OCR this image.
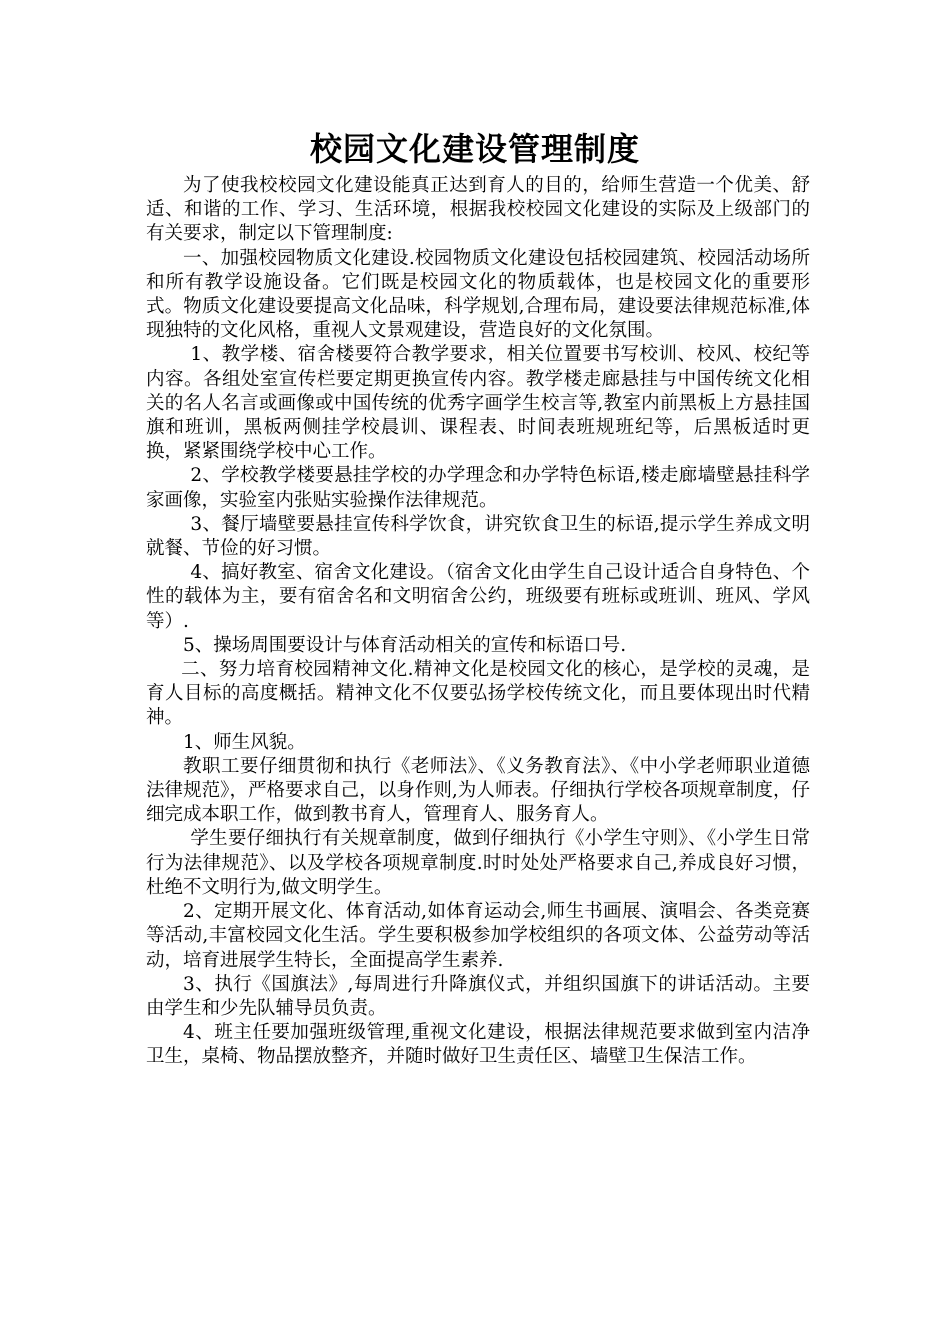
校园文化建设管理制度

为了使我校校园文化建设能真正达到育人的目的，给师生营造一个优美、舒适、和谐的工作、学习、生活环境，根据我校校园文化建设的实际及上级部门的有关要求，制定以下管理制度:

一、加强校园物质文化建设.校园物质文化建设包括校园建筑、校园活动场所和所有教学设施设备。它们既是校园文化的物质载体，也是校园文化的重要形式。物质文化建设要提高文化品味，科学规划,合理布局，建设要法律规范标准,体现独特的文化风格，重视人文景观建设，营造良好的文化氛围。

1、教学楼、宿舍楼要符合教学要求，相关位置要书写校训、校风、校纪等内容。各组处室宣传栏要定期更换宣传内容。教学楼走廊悬挂与中国传统文化相关的名人名言或画像或中国传统的优秀字画学生校言等,教室内前黑板上方悬挂国旗和班训，黑板两侧挂学校晨训、课程表、时间表班规班纪等，后黑板适时更换，紧紧围绕学校中心工作。

2、学校教学楼要悬挂学校的办学理念和办学特色标语,楼走廊墙壁悬挂科学家画像，实验室内张贴实验操作法律规范。

3、餐厅墙壁要悬挂宣传科学饮食，讲究钦食卫生的标语,提示学生养成文明就餐、节俭的好习惯。

4、搞好教室、宿舍文化建设。（宿舍文化由学生自己设计适合自身特色、个性的载体为主，要有宿舍名和文明宿舍公约，班级要有班标或班训、班风、学风等）.

5、操场周围要设计与体育活动相关的宣传和标语口号.

二、努力培育校园精神文化.精神文化是校园文化的核心，是学校的灵魂，是育人目标的高度概括。精神文化不仅要弘扬学校传统文化，而且要体现出时代精神。

1、师生风貌。

教职工要仔细贯彻和执行《老师法》、《义务教育法》、《中小学老师职业道德法律规范》，严格要求自己，以身作则,为人师表。仔细执行学校各项规章制度，仔细完成本职工作，做到教书育人，管理育人、服务育人。

学生要仔细执行有关规章制度，做到仔细执行《小学生守则》、《小学生日常行为法律规范》、以及学校各项规章制度.时时处处严格要求自己,养成良好习惯，杜绝不文明行为,做文明学生。

2、定期开展文化、体育活动,如体育运动会,师生书画展、演唱会、各类竞赛等活动,丰富校园文化生活。学生要积极参加学校组织的各项文体、公益劳动等活动，培育进展学生特长，全面提高学生素养.

3、执行《国旗法》,每周进行升降旗仪式，并组织国旗下的讲话活动。主要由学生和少先队辅导员负责。

4、班主任要加强班级管理,重视文化建设，根据法律规范要求做到室内洁净卫生，桌椅、物品摆放整齐，并随时做好卫生责任区、墙壁卫生保洁工作。
